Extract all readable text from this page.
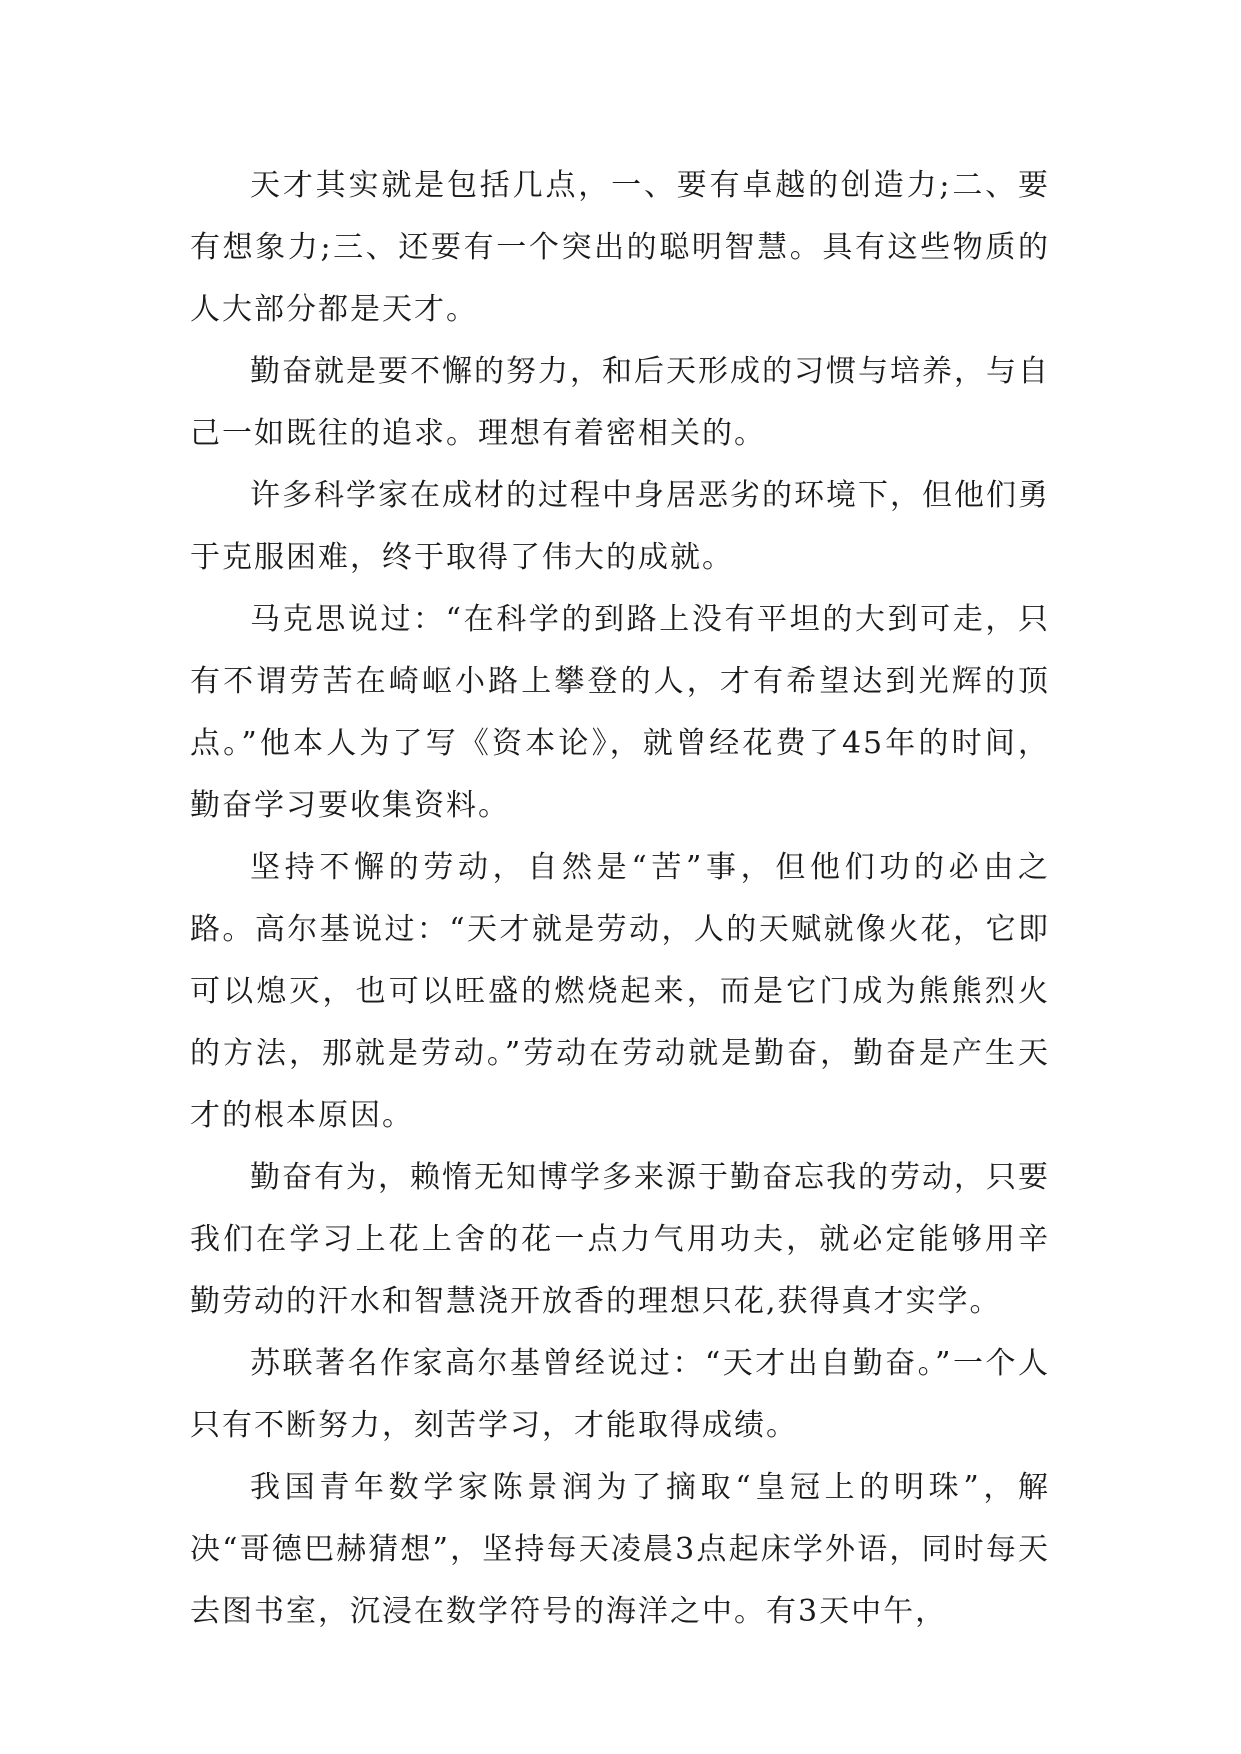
天才其实就是包括几点，一、要有卓越的创造力;二、要有想象力;三、还要有一个突出的聪明智慧。具有这些物质的人大部分都是天才。

勤奋就是要不懈的努力，和后天形成的习惯与培养，与自己一如既往的追求。理想有着密相关的。

许多科学家在成材的过程中身居恶劣的环境下，但他们勇于克服困难，终于取得了伟大的成就。

马克思说过：“在科学的到路上没有平坦的大到可走，只有不谓劳苦在崎岖小路上攀登的人，才有希望达到光辉的顶点。”他本人为了写《资本论》，就曾经花费了45年的时间，勤奋学习要收集资料。

坚持不懈的劳动，自然是“苦”事，但他们功的必由之路。高尔基说过：“天才就是劳动，人的天赋就像火花，它即可以熄灭，也可以旺盛的燃烧起来，而是它门成为熊熊烈火的方法，那就是劳动。”劳动在劳动就是勤奋，勤奋是产生天才的根本原因。

勤奋有为，赖惰无知博学多来源于勤奋忘我的劳动，只要我们在学习上花上舍的花一点力气用功夫，就必定能够用辛勤劳动的汗水和智慧浇开放香的理想只花,获得真才实学。

苏联著名作家高尔基曾经说过：“天才出自勤奋。”一个人只有不断努力，刻苦学习，才能取得成绩。

我国青年数学家陈景润为了摘取“皇冠上的明珠”，解决“哥德巴赫猜想”，坚持每天凌晨3点起床学外语，同时每天去图书室，沉浸在数学符号的海洋之中。有3天中午，
